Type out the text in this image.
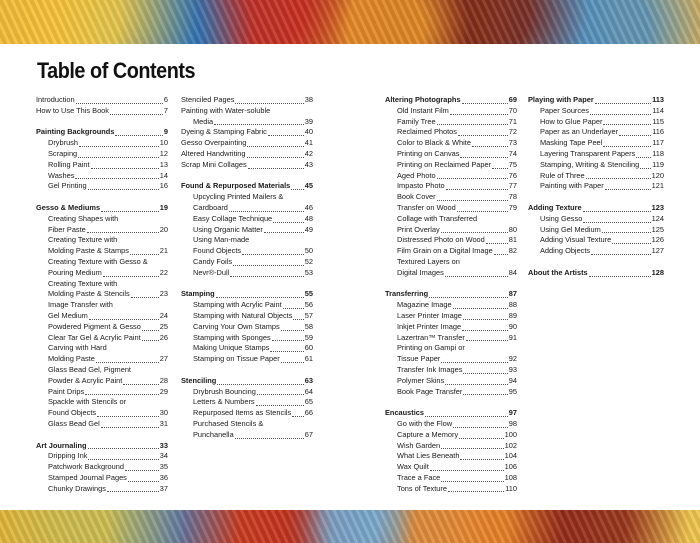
Table of Contents
Introduction	6
How to Use This Book	7
Painting Backgrounds	9
Drybrush	10
Scraping	12
Rolling Paint	13
Washes	14
Gel Printing	16
Gesso & Mediums	19
Creating Shapes with
Fiber Paste	20
Creating Texture with
Molding Paste & Stamps	21
Creating Texture with Gesso &
Pouring Medium	22
Creating Texture with
Molding Paste & Stencils	23
Image Transfer with
Gel Medium	24
Powdered Pigment & Gesso	25
Clear Tar Gel & Acrylic Paint	26
Carving with Hard
Molding Paste	27
Glass Bead Gel, Pigment
Powder & Acrylic Paint	28
Paint Drips	29
Spackle with Stencils or
Found Objects	30
Glass Bead Gel	31
Art Journaling	33
Dripping Ink	34
Patchwork Background	35
Stamped Journal Pages	36
Chunky Drawings	37
Stenciled Pages	38
Painting with Water-soluble
Media	39
Dyeing & Stamping Fabric	40
Gesso Overpainting	41
Altered Handwriting	42
Scrap Mini Collages	43
Found & Repurposed Materials 45
Upcycling Printed Mailers &
Cardboard	46
Easy Collage Technique	48
Using Organic Matter	49
Using Man-made
Found Objects	50
Candy Foils	52
Nevr®-Dull	53
Stamping	55
Stamping with Acrylic Paint	56
Stamping with Natural Objects 57
Carving Your Own Stamps	58
Stamping with Sponges	59
Making Unique Stamps	60
Stamping on Tissue Paper	61
Stenciling	63
Drybrush Bouncing	64
Letters & Numbers	65
Repurposed Items as Stencils 66
Purchased Stencils &
Punchanella	67
Altering Photographs	69
Old Instant Film	70
Family Tree	71
Reclaimed Photos	72
Color to Black & White	73
Printing on Canvas	74
Printing on Reclaimed Paper 75
Aged Photo	76
Impasto Photo	77
Book Cover	78
Transfer on Wood	79
Collage with Transferred
Print Overlay	80
Distressed Photo on Wood	81
Film Grain on a Digital Image 82
Textured Layers on
Digital Images	84
Transferring	87
Magazine Image	88
Laser Printer Image	89
Inkjet Printer Image	90
Lazertran™ Transfer	91
Printing on Gampi or
Tissue Paper	92
Transfer Ink Images	93
Polymer Skins	94
Book Page Transfer	95
Encaustics	97
Go with the Flow	98
Capture a Memory	100
Wish Garden	102
What Lies Beneath	104
Wax Quilt	106
Trace a Face	108
Tons of Texture	110
Playing with Paper	113
Paper Sources	114
How to Glue Paper	115
Paper as an Underlayer	116
Masking Tape Peel	117
Layering Transparent Papers 118
Stamping, Writing & Stenciling 119
Rule of Three	120
Painting with Paper	121
Adding Texture	123
Using Gesso	124
Using Gel Medium	125
Adding Visual Texture	126
Adding Objects	127
About the Artists	128
